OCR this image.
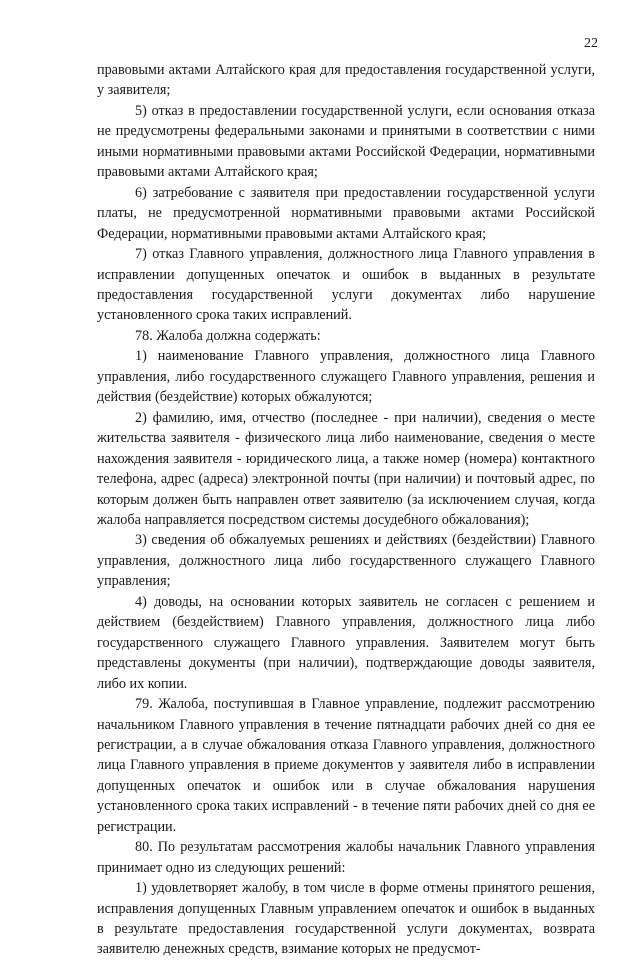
22

правовыми актами Алтайского края для предоставления государственной услуги, у заявителя;

5) отказ в предоставлении государственной услуги, если основания отказа не предусмотрены федеральными законами и принятыми в соответствии с ними иными нормативными правовыми актами Российской Федерации, нормативными правовыми актами Алтайского края;

6) затребование с заявителя при предоставлении государственной услуги платы, не предусмотренной нормативными правовыми актами Российской Федерации, нормативными правовыми актами Алтайского края;

7) отказ Главного управления, должностного лица Главного управления в исправлении допущенных опечаток и ошибок в выданных в результате предоставления государственной услуги документах либо нарушение установленного срока таких исправлений.

78. Жалоба должна содержать:

1) наименование Главного управления, должностного лица Главного управления, либо государственного служащего Главного управления, решения и действия (бездействие) которых обжалуются;

2) фамилию, имя, отчество (последнее - при наличии), сведения о месте жительства заявителя - физического лица либо наименование, сведения о месте нахождения заявителя - юридического лица, а также номер (номера) контактного телефона, адрес (адреса) электронной почты (при наличии) и почтовый адрес, по которым должен быть направлен ответ заявителю (за исключением случая, когда жалоба направляется посредством системы досудебного обжалования);

3) сведения об обжалуемых решениях и действиях (бездействии) Главного управления, должностного лица либо государственного служащего Главного управления;

4) доводы, на основании которых заявитель не согласен с решением и действием (бездействием) Главного управления, должностного лица либо государственного служащего Главного управления. Заявителем могут быть представлены документы (при наличии), подтверждающие доводы заявителя, либо их копии.

79. Жалоба, поступившая в Главное управление, подлежит рассмотрению начальником Главного управления в течение пятнадцати рабочих дней со дня ее регистрации, а в случае обжалования отказа Главного управления, должностного лица Главного управления в приеме документов у заявителя либо в исправлении допущенных опечаток и ошибок или в случае обжалования нарушения установленного срока таких исправлений - в течение пяти рабочих дней со дня ее регистрации.

80. По результатам рассмотрения жалобы начальник Главного управления принимает одно из следующих решений:

1) удовлетворяет жалобу, в том числе в форме отмены принятого решения, исправления допущенных Главным управлением опечаток и ошибок в выданных в результате предоставления государственной услуги документах, возврата заявителю денежных средств, взимание которых не предусмот-
